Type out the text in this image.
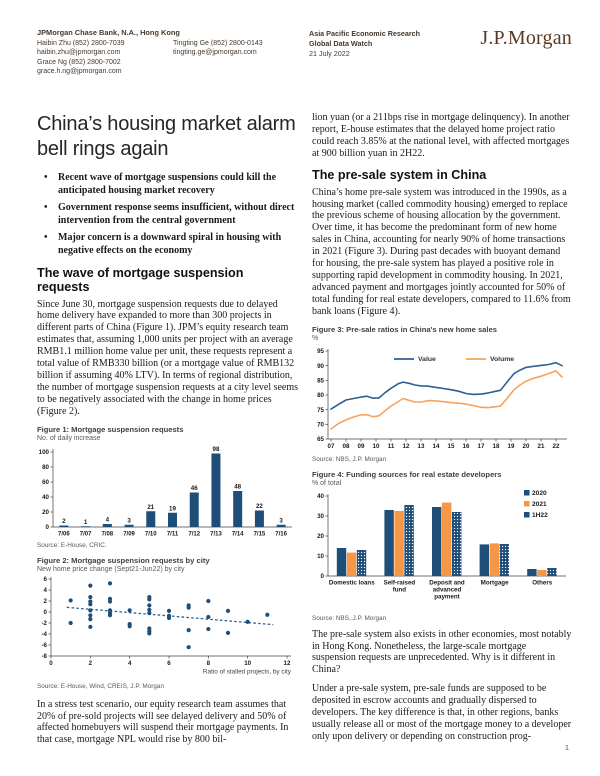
JPMorgan Chase Bank, N.A., Hong Kong
Haibin Zhu (852) 2800-7039
haibin.zhu@jpmorgan.com
Grace Ng (852) 2800-7002
grace.h.ng@jpmorgan.com
Tingting Ge (852) 2800-0143
tingting.ge@jpmorgan.com
Asia Pacific Economic Research
Global Data Watch
21 July 2022
J.P.Morgan
China’s housing market alarm bell rings again
• Recent wave of mortgage suspensions could kill the anticipated housing market recovery
• Government response seems insufficient, without direct intervention from the central government
• Major concern is a downward spiral in housing with negative effects on the economy
The wave of mortgage suspension requests

Since June 30, mortgage suspension requests due to delayed home delivery have expanded to more than 300 projects in different parts of China (Figure 1). JPM’s equity research team estimates that, assuming 1,000 units per project with an average RMB1.1 million home value per unit, these requests represent a total value of RMB330 billion (or a mortgage value of RMB132 billion if assuming 40% LTV). In terms of regional distribution, the number of mortgage suspension requests at a city level seems to be negatively associated with the change in home prices (Figure 2).

Figure 1: Mortgage suspension requests
No. of daily increase
0
20
40
60
80
100
2
7/06
1
7/07
4
7/08
3
7/09
21
7/10
19
7/11
46
7/12
98
7/13
48
7/14
22
7/15
3
7/16
Source: E-House, CRIC.
Figure 2: Mortgage suspension requests by city
New home price change (Sept21-Jun22) by city
-8
-6
-4
-2
0
2
4
6
0	2	4	6	8	10	12
Ratio of stalled projects, by city
Source: E-House, Wind, CREIS, J.P. Morgan

In a stress test scenario, our equity research team assumes that 20% of pre-sold projects will see delayed delivery and 50% of affected homebuyers will suspend their mortgage payments. In that case, mortgage NPL would rise by 800 bil-

lion yuan (or a 211bps rise in mortgage delinquency). In another report, E-house estimates that the delayed home project ratio could reach 3.85% at the national level, with affected mortgages at 900 billion yuan in 2H22.

The pre-sale system in China

China’s home pre-sale system was introduced in the 1990s, as a housing market (called commodity housing) emerged to replace the previous scheme of housing allocation by the government. Over time, it has become the predominant form of new home sales in China, accounting for nearly 90% of home transactions in 2021 (Figure 3). During past decades with buoyant demand for housing, the pre-sale system has played a positive role in supporting rapid development in commodity housing. In 2021, advanced payment and mortgages jointly accounted for 50% of total funding for real estate developers, compared to 11.6% from bank loans (Figure 4).

Figure 3: Pre-sale ratios in China's new home sales
%
65
70
75
80
85
90
95
07 08 09 10 11 12 13 14 15 16 17 18 19 20 21 22
Value	Volume
Source: NBS, J.P. Morgan
Figure 4: Funding sources for real estate developers
% of total
0
10
20
30
40
Domestic loans Self-raised
fund
Deposit and
advanced
payment
Mortgage	Others
2020
2021
1H22
Source: NBS, J.P. Morgan

The pre-sale system also exists in other economies, most notably in Hong Kong. Nonetheless, the large-scale mortgage suspension requests are unprecedented. Why is it different in China?

Under a pre-sale system, pre-sale funds are supposed to be deposited in escrow accounts and gradually dispersed to developers. The key difference is that, in other regions, banks usually release all or most of the mortgage money to a developer only upon delivery or depending on construction prog-

1
